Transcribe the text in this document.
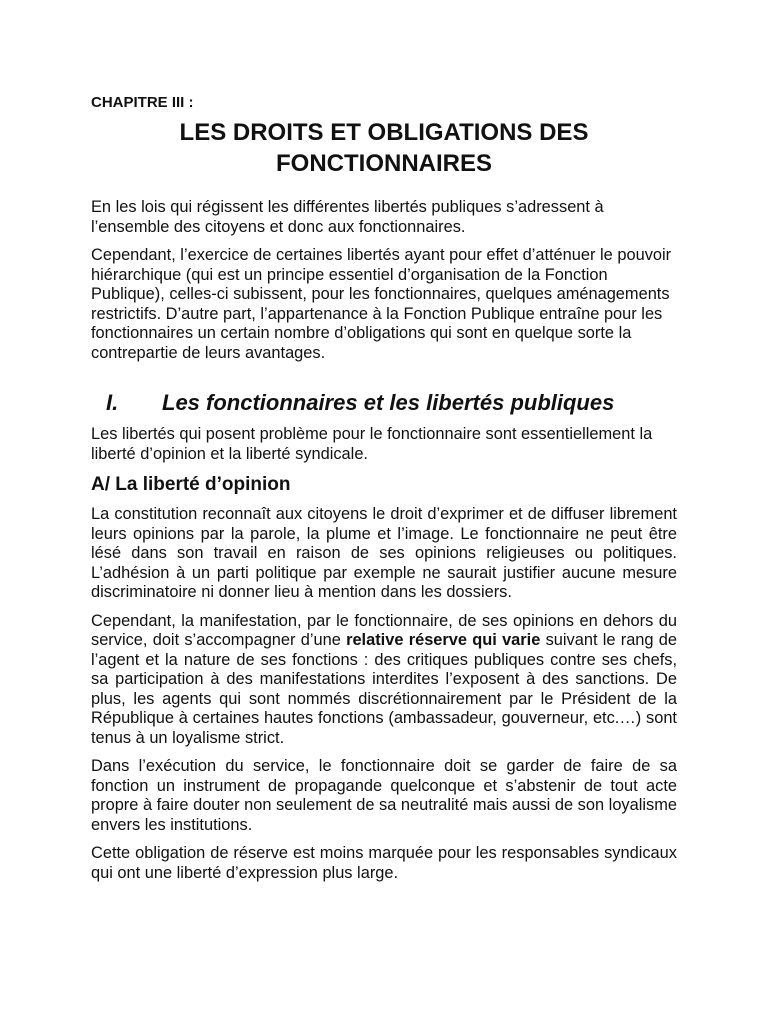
CHAPITRE III :
LES DROITS ET OBLIGATIONS DES
FONCTIONNAIRES

En les lois qui régissent les différentes libertés publiques s’adressent à l’ensemble des citoyens et donc aux fonctionnaires.

Cependant, l’exercice de certaines libertés ayant pour effet d’atténuer le pouvoir hiérarchique (qui est un principe essentiel d’organisation de la Fonction Publique), celles-ci subissent, pour les fonctionnaires, quelques aménagements restrictifs. D’autre part, l’appartenance à la Fonction Publique entraîne pour les fonctionnaires un certain nombre d’obligations qui sont en quelque sorte la contrepartie de leurs avantages.

I.	Les fonctionnaires et les libertés publiques

Les libertés qui posent problème pour le fonctionnaire sont essentiellement la liberté d’opinion et la liberté syndicale.

A/ La liberté d’opinion

La constitution reconnaît aux citoyens le droit d’exprimer et de diffuser librement leurs opinions par la parole, la plume et l’image. Le fonctionnaire ne peut être lésé dans son travail en raison de ses opinions religieuses ou politiques. L’adhésion à un parti politique par exemple ne saurait justifier aucune mesure discriminatoire ni donner lieu à mention dans les dossiers.

Cependant, la manifestation, par le fonctionnaire, de ses opinions en dehors du service, doit s’accompagner d’une relative réserve qui varie suivant le rang de l’agent et la nature de ses fonctions : des critiques publiques contre ses chefs, sa participation à des manifestations interdites l’exposent à des sanctions. De plus, les agents qui sont nommés discrétionnairement par le Président de la République à certaines hautes fonctions (ambassadeur, gouverneur, etc.…) sont tenus à un loyalisme strict.

Dans l’exécution du service, le fonctionnaire doit se garder de faire de sa fonction un instrument de propagande quelconque et s’abstenir de tout acte propre à faire douter non seulement de sa neutralité mais aussi de son loyalisme envers les institutions.

Cette obligation de réserve est moins marquée pour les responsables syndicaux qui ont une liberté d’expression plus large.
